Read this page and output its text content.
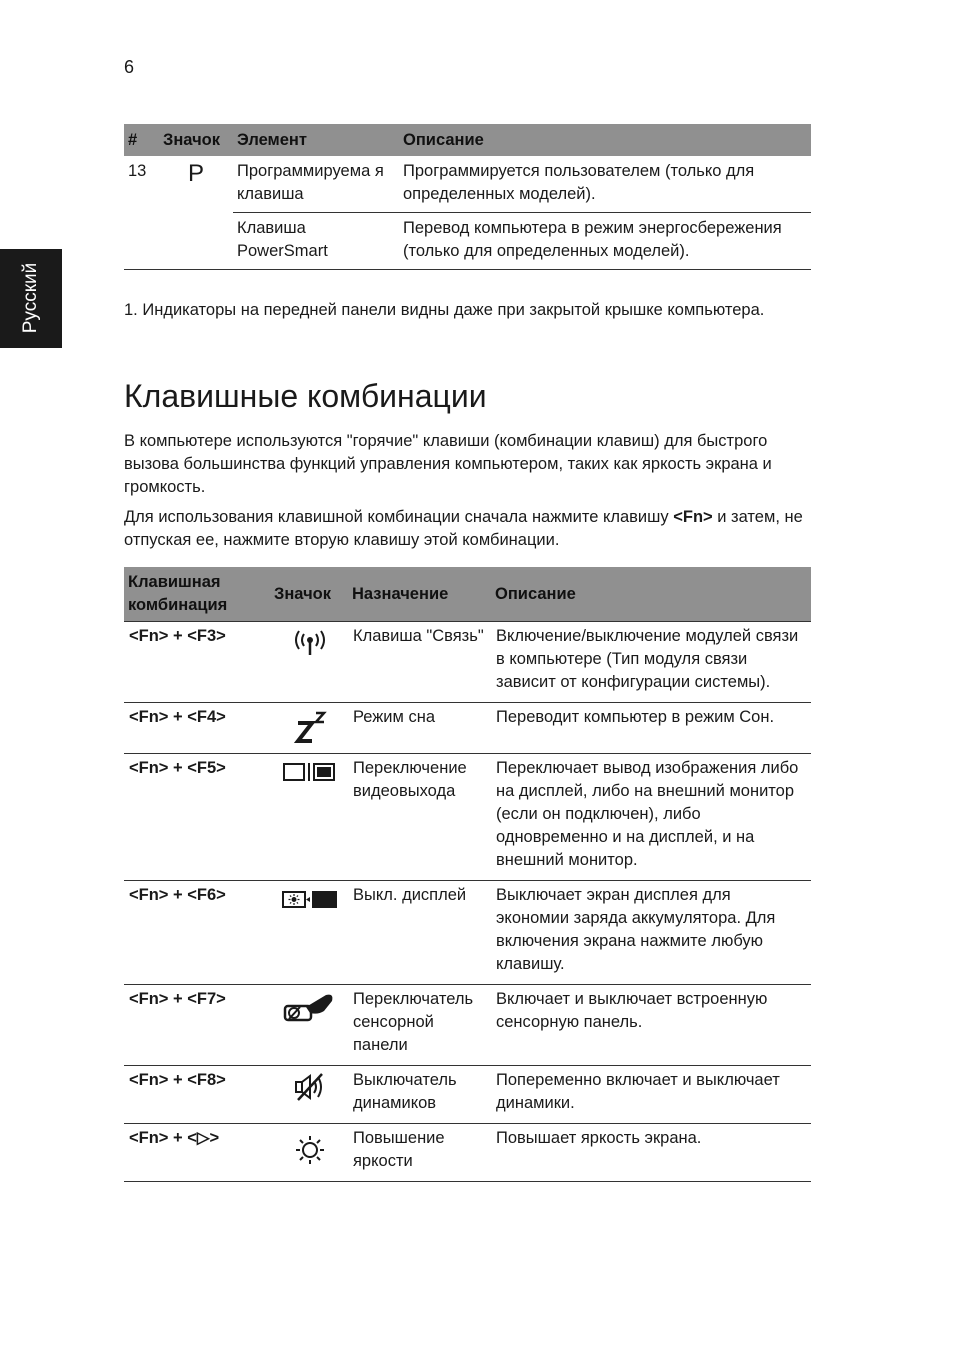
6
Русский
#	Значок	Элемент	Описание
13	P	Программируема я клавиша	Программируется пользователем (только для определенных моделей).
		Клавиша PowerSmart	Перевод компьютера в режим энергосбережения (только для определенных моделей).
1. Индикаторы на передней панели видны даже при закрытой крышке компьютера.
Клавишные комбинации

В компьютере используются "горячие" клавиши (комбинации клавиш) для быстрого вызова большинства функций управления компьютером, таких как яркость экрана и громкость.

Для использования клавишной комбинации сначала нажмите клавишу <Fn> и затем, не отпуская ее, нажмите вторую клавишу этой комбинации.

Клавишная комбинация	Значок	Назначение	Описание
<Fn> + <F3>		Клавиша "Связь"	Включение/выключение модулей связи в компьютере (Тип модуля связи зависит от конфигурации системы).
<Fn> + <F4>		Режим сна	Переводит компьютер в режим Сон.
<Fn> + <F5>		Переключение видеовыхода	Переключает вывод изображения либо на дисплей, либо на внешний монитор (если он подключен), либо одновременно и на дисплей, и на внешний монитор.
<Fn> + <F6>		Выкл. дисплей	Выключает экран дисплея для экономии заряда аккумулятора. Для включения экрана нажмите любую клавишу.
<Fn> + <F7>		Переключатель сенсорной панели	Включает и выключает встроенную сенсорную панель.
<Fn> + <F8>		Выключатель динамиков	Попеременно включает и выключает динамики.
<Fn> + <▷>		Повышение яркости	Повышает яркость экрана.
